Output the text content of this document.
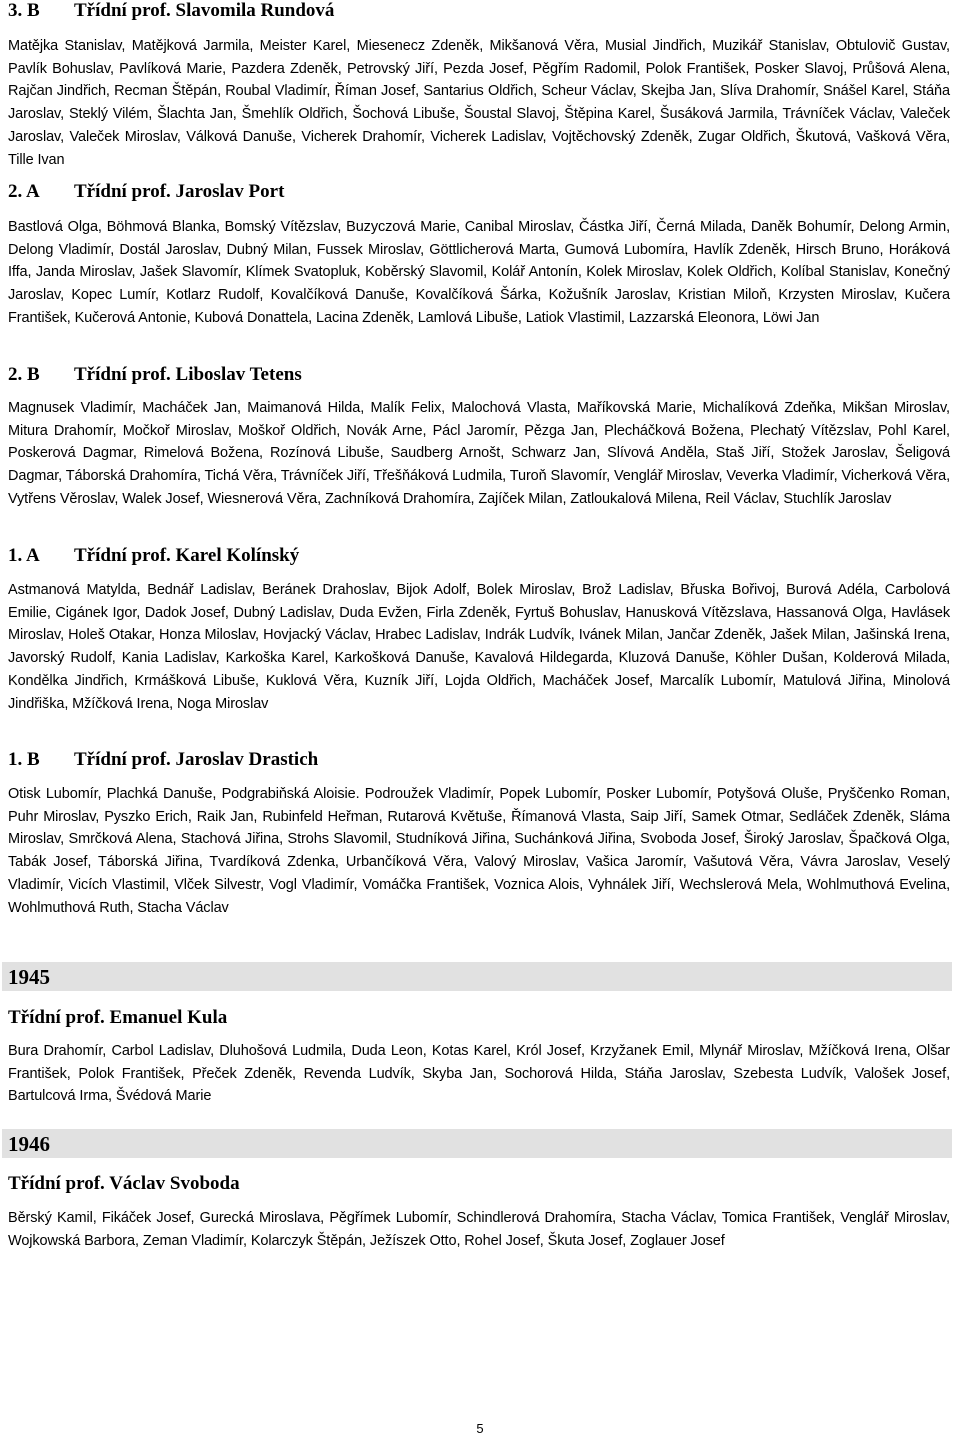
3. B Třídní prof. Slavomila Rundová

Matějka Stanislav, Matějková Jarmila, Meister Karel, Miesenecz Zdeněk, Mikšanová Věra, Musial Jindřich, Muzikář Stanislav, Obtulovič Gustav, Pavlík Bohuslav, Pavlíková Marie, Pazdera Zdeněk, Petrovský Jiří, Pezda Josef, Pěgřím Radomil, Polok František, Posker Slavoj, Průšová Alena, Rajčan Jindřich, Recman Štěpán, Roubal Vladimír, Říman Josef, Santarius Oldřich, Scheur Václav, Skejba Jan, Slíva Drahomír, Snášel Karel, Stáňa Jaroslav, Steklý Vilém, Šlachta Jan, Šmehlík Oldřich, Šochová Libuše, Šoustal Slavoj, Štěpina Karel, Šusáková Jarmila, Trávníček Václav, Valeček Jaroslav, Valeček Miroslav, Válková Danuše, Vicherek Drahomír, Vicherek Ladislav, Vojtěchovský Zdeněk, Zugar Oldřich, Škutová, Vašková Věra, Tille Ivan

2. A Třídní prof. Jaroslav Port

Bastlová Olga, Böhmová Blanka, Bomský Vítězslav, Buzyczová Marie, Canibal Miroslav, Částka Jiří, Černá Milada, Daněk Bohumír, Delong Armin, Delong Vladimír, Dostál Jaroslav, Dubný Milan, Fussek Miroslav, Göttlicherová Marta, Gumová Lubomíra, Havlík Zdeněk, Hirsch Bruno, Horáková Iffa, Janda Miroslav, Jašek Slavomír, Klímek Svatopluk, Koběrský Slavomil, Kolář Antonín, Kolek Miroslav, Kolek Oldřich, Kolíbal Stanislav, Konečný Jaroslav, Kopec Lumír, Kotlarz Rudolf, Kovalčíková Danuše, Kovalčíková Šárka, Kožušník Jaroslav, Kristian Miloň, Krzysten Miroslav, Kučera František, Kučerová Antonie, Kubová Donattela, Lacina Zdeněk, Lamlová Libuše, Latiok Vlastimil, Lazzarská Eleonora, Löwi Jan

2. B Třídní prof. Liboslav Tetens

Magnusek Vladimír, Macháček Jan, Maimanová Hilda, Malík Felix, Malochová Vlasta, Maříkovská Marie, Michalíková Zdeňka, Mikšan Miroslav, Mitura Drahomír, Močkoř Miroslav, Moškoř Oldřich, Novák Arne, Pácl Jaromír, Pězga Jan, Plecháčková Božena, Plechatý Vítězslav, Pohl Karel, Poskerová Dagmar, Rimelová Božena, Rozínová Libuše, Saudberg Arnošt, Schwarz Jan, Slívová Anděla, Staš Jiří, Stožek Jaroslav, Šeligová Dagmar, Táborská Drahomíra, Tichá Věra, Trávníček Jiří, Třešňáková Ludmila, Turoň Slavomír, Venglář Miroslav, Veverka Vladimír, Vicherková Věra, Vytřens Věroslav, Walek Josef, Wiesnerová Věra, Zachníková Drahomíra, Zajíček Milan, Zatloukalová Milena, Reil Václav, Stuchlík Jaroslav

1. A Třídní prof. Karel Kolínský

Astmanová Matylda, Bednář Ladislav, Beránek Drahoslav, Bijok Adolf, Bolek Miroslav, Brož Ladislav, Břuska Bořivoj, Burová Adéla, Carbolová Emilie, Cigánek Igor, Dadok Josef, Dubný Ladislav, Duda Evžen, Firla Zdeněk, Fyrtuš Bohuslav, Hanusková Vítězslava, Hassanová Olga, Havlásek Miroslav, Holeš Otakar, Honza Miloslav, Hovjacký Václav, Hrabec Ladislav, Indrák Ludvík, Ivánek Milan, Jančar Zdeněk, Jašek Milan, Jašinská Irena, Javorský Rudolf, Kania Ladislav, Karkoška Karel, Karkošková Danuše, Kavalová Hildegarda, Kluzová Danuše, Köhler Dušan, Kolderová Milada, Kondělka Jindřich, Krmášková Libuše, Kuklová Věra, Kuzník Jiří, Lojda Oldřich, Macháček Josef, Marcalík Lubomír, Matulová Jiřina, Minolová Jindřiška, Mžíčková Irena, Noga Miroslav

1. B Třídní prof. Jaroslav Drastich

Otisk Lubomír, Plachká Danuše, Podgrabiňská Aloisie. Podroužek Vladimír, Popek Lubomír, Posker Lubomír, Potyšová Oluše, Pryščenko Roman, Puhr Miroslav, Pyszko Erich, Raik Jan, Rubinfeld Heřman, Rutarová Květuše, Římanová Vlasta, Saip Jiří, Samek Otmar, Sedláček Zdeněk, Sláma Miroslav, Smrčková Alena, Stachová Jiřina, Strohs Slavomil, Studníková Jiřina, Suchánková Jiřina, Svoboda Josef, Široký Jaroslav, Špačková Olga, Tabák Josef, Táborská Jiřina, Tvardíková Zdenka, Urbančíková Věra, Valový Miroslav, Vašica Jaromír, Vašutová Věra, Vávra Jaroslav, Veselý Vladimír, Vicích Vlastimil, Vlček Silvestr, Vogl Vladimír, Vomáčka František, Voznica Alois, Vyhnálek Jiří, Wechslerová Mela, Wohlmuthová Evelina, Wohlmuthová Ruth, Stacha Václav

1945
Třídní prof. Emanuel Kula

Bura Drahomír, Carbol Ladislav, Dluhošová Ludmila, Duda Leon, Kotas Karel, Król Josef, Krzyžanek Emil, Mlynář Miroslav, Mžíčková Irena, Olšar František, Polok František, Přeček Zdeněk, Revenda Ludvík, Skyba Jan, Sochorová Hilda, Stáňa Jaroslav, Szebesta Ludvík, Valošek Josef, Bartulcová Irma, Švédová Marie

1946
Třídní prof. Václav Svoboda

Běrský Kamil, Fikáček Josef, Gurecká Miroslava, Pěgřímek Lubomír, Schindlerová Drahomíra, Stacha Václav, Tomica František, Venglář Miroslav, Wojkowská Barbora, Zeman Vladimír, Kolarczyk Štěpán, Ježíszek Otto, Rohel Josef, Škuta Josef, Zoglauer Josef

5
